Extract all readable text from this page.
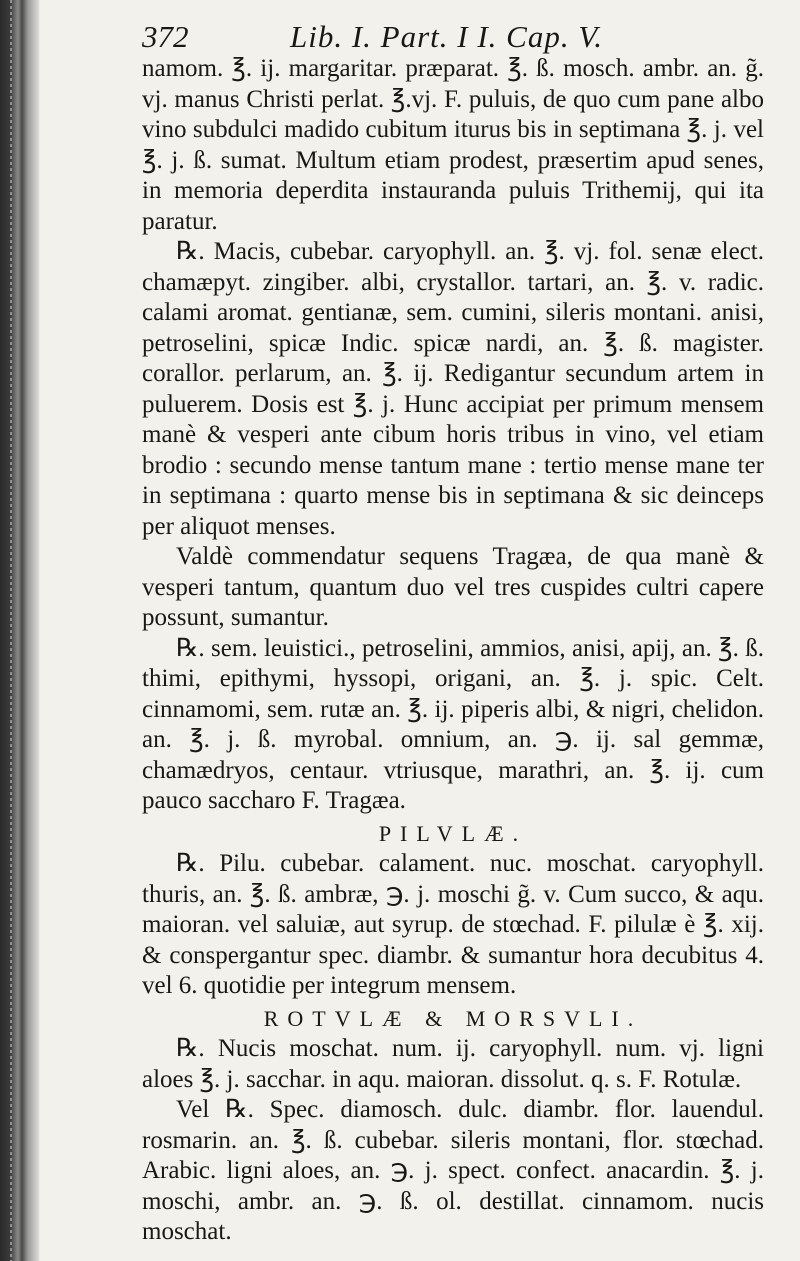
372	Lib. I. Part. I I. Cap. V.

namom. ℥. ij. margaritar. præparat. ℥. ß. mosch. ambr. an. g̃. vj. manus Christi perlat. ℥.vj. F. puluis, de quo cum pane albo vino subdulci madido cubitum iturus bis in septimana ℥. j. vel ℥. j. ß. sumat. Multum etiam prodest, præsertim apud senes, in memoria deperdita instauranda puluis Trithemij, qui ita paratur.

℞. Macis, cubebar. caryophyll. an. ℥. vj. fol. senæ elect. chamæpyt. zingiber. albi, crystallor. tartari, an. ℥. v. radic. calami aromat. gentianæ, sem. cumini, sileris montani. anisi, petroselini, spicæ Indic. spicæ nardi, an. ℥. ß. magister. corallor. perlarum, an. ℥. ij. Redigantur secundum artem in puluerem. Dosis est ℥. j. Hunc accipiat per primum mensem manè & vesperi ante cibum horis tribus in vino, vel etiam brodio : secundo mense tantum mane : tertio mense mane ter in septimana : quarto mense bis in septimana & sic deinceps per aliquot menses.

Valdè commendatur sequens Tragæa, de qua manè & vesperi tantum, quantum duo vel tres cuspides cultri capere possunt, sumantur.

℞. sem. leuistici., petroselini, ammios, anisi, apij, an. ℥. ß. thimi, epithymi, hyssopi, origani, an. ℥. j. spic. Celt. cinnamomi, sem. rutæ an. ℥. ij. piperis albi, & nigri, chelidon. an. ℥. j. ß. myrobal. omnium, an. ℈. ij. sal gemmæ, chamædryos, centaur. vtriusque, marathri, an. ℥. ij. cum pauco saccharo F. Tragæa.

PILVLÆ.

℞. Pilu. cubebar. calament. nuc. moschat. caryophyll. thuris, an. ℥. ß. ambræ, ℈. j. moschi g̃. v. Cum succo, & aqu. maioran. vel saluiæ, aut syrup. de stœchad. F. pilulæ è ℥. xij. & conspergantur spec. diambr. & sumantur hora decubitus 4. vel 6. quotidie per integrum mensem.

ROTVLÆ & MORSVLI.

℞. Nucis moschat. num. ij. caryophyll. num. vj. ligni aloes ℥. j. sacchar. in aqu. maioran. dissolut. q. s. F. Rotulæ.

Vel ℞. Spec. diamosch. dulc. diambr. flor. lauendul. rosmarin. an. ℥. ß. cubebar. sileris montani, flor. stœchad. Arabic. ligni aloes, an. ℈. j. spect. confect. anacardin. ℥. j. moschi, ambr. an. ℈. ß. ol. destillat. cinnamom. nucis moschat.
